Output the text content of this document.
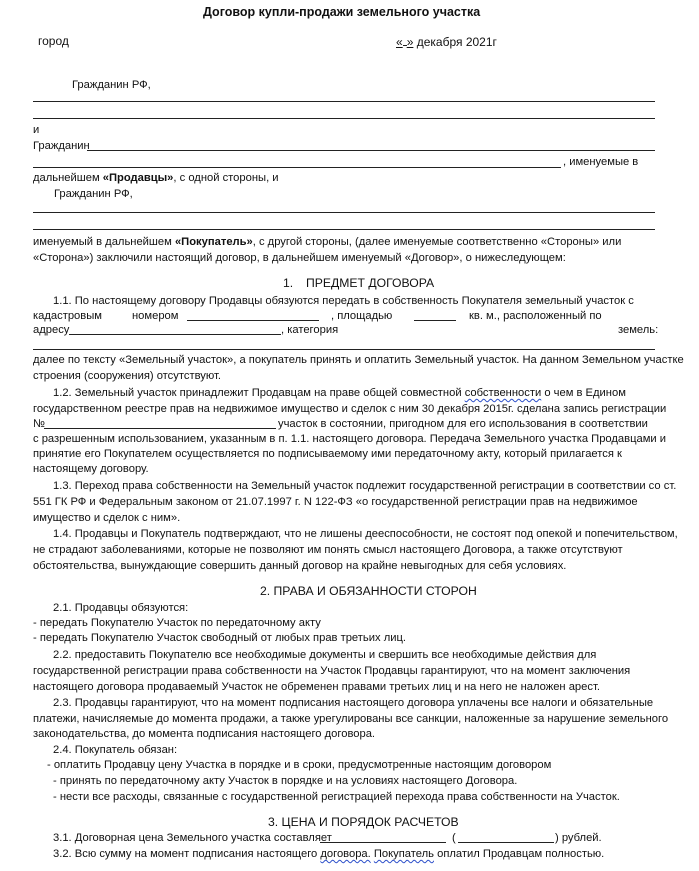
Договор купли-продажи земельного участка
город	« » декабря 2021г
Гражданин РФ,
и
Гражданин
, именуемые в
дальнейшем «Продавцы», с одной стороны, и
Гражданин РФ,
именуемый в дальнейшем «Покупатель», с другой стороны, (далее именуемые соответственно «Стороны» или
«Сторона») заключили настоящий договор, в дальнейшем именуемый «Договор», о нижеследующем:
1. ПРЕДМЕТ ДОГОВОРА
1.1. По настоящему договору Продавцы обязуются передать в собственность Покупателя земельный участок с
кадастровым	номером	, площадью	кв. м., расположенный по
адресу	, категория	земель:
далее по тексту «Земельный участок», а покупатель принять и оплатить Земельный участок. На данном Земельном участке
строения (сооружения) отсутствуют.
1.2. Земельный участок принадлежит Продавцам на праве общей совместной собственности о чем в Едином
государственном реестре прав на недвижимое имущество и сделок с ним 30 декабря 2015г. сделана запись регистрации
№	участок в состоянии, пригодном для его использования в соответствии
с разрешенным использованием, указанным в п. 1.1. настоящего договора. Передача Земельного участка Продавцами и
принятие его Покупателем осуществляется по подписываемому ими передаточному акту, который прилагается к
настоящему договору.
1.3. Переход права собственности на Земельный участок подлежит государственной регистрации в соответствии со ст.
551 ГК РФ и Федеральным законом от 21.07.1997 г. N 122-ФЗ «о государственной регистрации прав на недвижимое
имущество и сделок с ним».
1.4. Продавцы и Покупатель подтверждают, что не лишены дееспособности, не состоят под опекой и попечительством,
не страдают заболеваниями, которые не позволяют им понять смысл настоящего Договора, а также отсутствуют
обстоятельства, вынуждающие совершить данный договор на крайне невыгодных для себя условиях.
2. ПРАВА И ОБЯЗАННОСТИ СТОРОН
2.1. Продавцы обязуются:
- передать Покупателю Участок по передаточному акту
- передать Покупателю Участок свободный от любых прав третьих лиц.
2.2. предоставить Покупателю все необходимые документы и свершить все необходимые действия для
государственной регистрации права собственности на Участок Продавцы гарантируют, что на момент заключения
настоящего договора продаваемый Участок не обременен правами третьих лиц и на него не наложен арест.
2.3. Продавцы гарантируют, что на момент подписания настоящего договора уплачены все налоги и обязательные
платежи, начисляемые до момента продажи, а также урегулированы все санкции, наложенные за нарушение земельного
законодательства, до момента подписания настоящего договора.
2.4. Покупатель обязан:
- оплатить Продавцу цену Участка в порядке и в сроки, предусмотренные настоящим договором
- принять по передаточному акту Участок в порядке и на условиях настоящего Договора.
- нести все расходы, связанные с государственной регистрацией перехода права собственности на Участок.
3. ЦЕНА И ПОРЯДОК РАСЧЕТОВ
3.1. Договорная цена Земельного участка составляет	(	) рублей.
3.2. Всю сумму на момент подписания настоящего договора. Покупатель оплатил Продавцам полностью.
